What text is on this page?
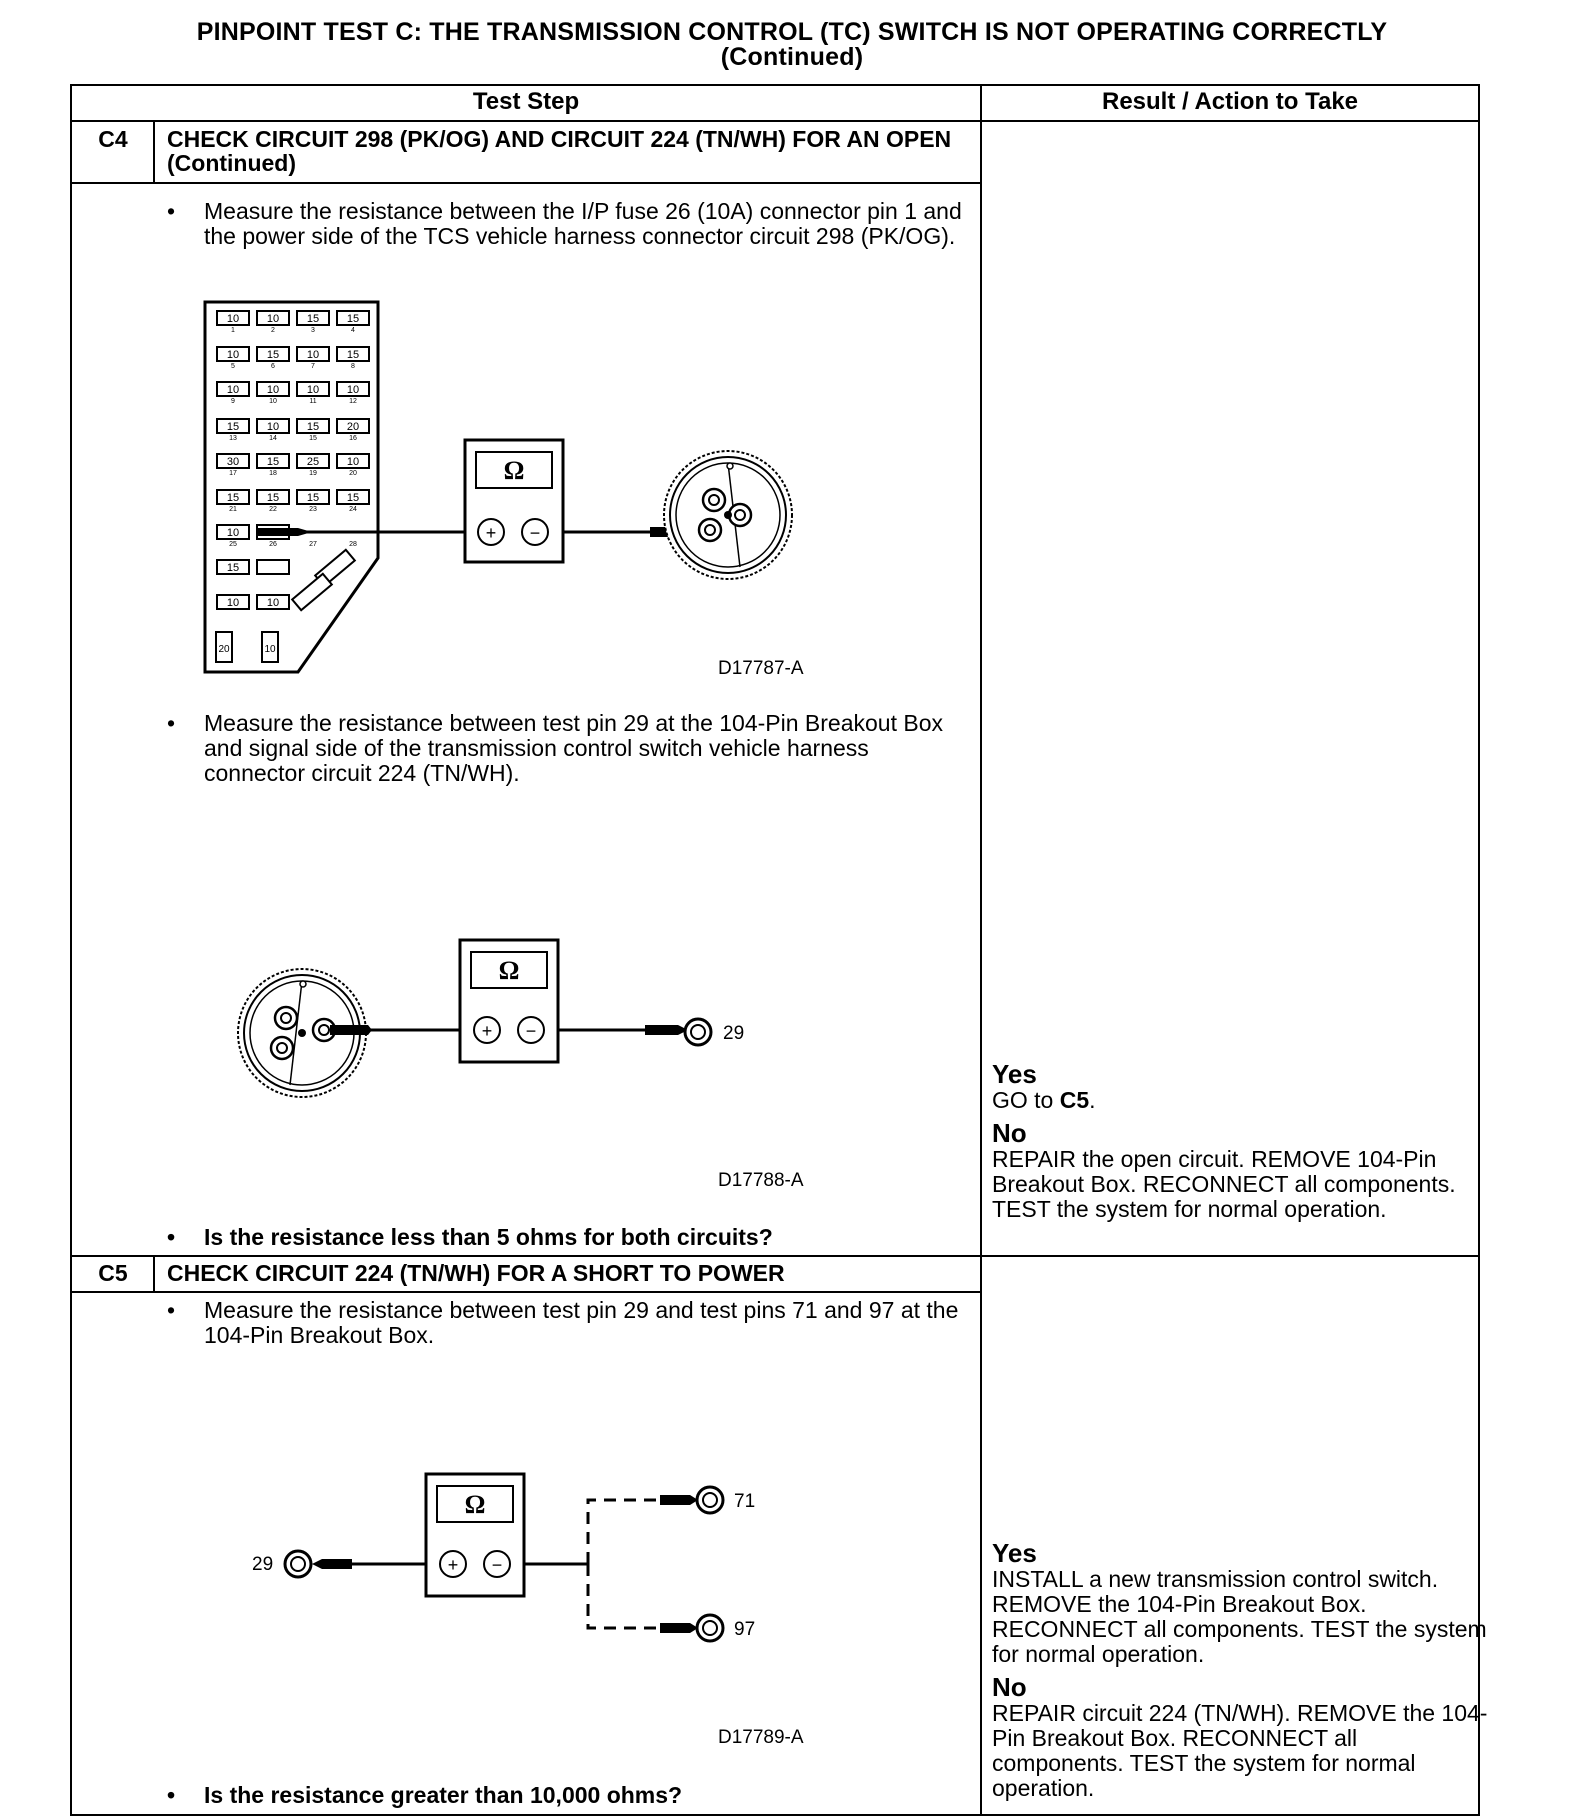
PINPOINT TEST C: THE TRANSMISSION CONTROL (TC) SWITCH IS NOT OPERATING CORRECTLY
(Continued)
Test Step	Result / Action to Take
C4	CHECK CIRCUIT 298 (PK/OG) AND CIRCUIT 224 (TN/WH) FOR AN OPEN (Continued)
• Measure the resistance between the I/P fuse 26 (10A) connector pin 1 and the power side of the TCS vehicle harness connector circuit 298 (PK/OG).
10	10	15	15
10	15	10	15
10	10	10	10
15	10	15	20
30	15	25	10
15	15	15	15
10
15
10	10
20	10
1	2	3	4
5	6	7	8
9	10	11	12
13	14	15	16
17	18	19	20
21	22	23	24
25	26	27	28
Ω
+ −
D17787-A
• Measure the resistance between test pin 29 at the 104-Pin Breakout Box and signal side of the transmission control switch vehicle harness connector circuit 224 (TN/WH).
Ω
+ −	29
D17788-A
• Is the resistance less than 5 ohms for both circuits?
Yes
GO to C5.
No
REPAIR the open circuit. REMOVE 104-Pin Breakout Box. RECONNECT all components. TEST the system for normal operation.
C5	CHECK CIRCUIT 224 (TN/WH) FOR A SHORT TO POWER
• Measure the resistance between test pin 29 and test pins 71 and 97 at the 104-Pin Breakout Box.
29
Ω
+ −
71
97
D17789-A
• Is the resistance greater than 10,000 ohms?
Yes
INSTALL a new transmission control switch. REMOVE the 104-Pin Breakout Box. RECONNECT all components. TEST the system for normal operation.
No
REPAIR circuit 224 (TN/WH). REMOVE the 104-Pin Breakout Box. RECONNECT all components. TEST the system for normal operation.
